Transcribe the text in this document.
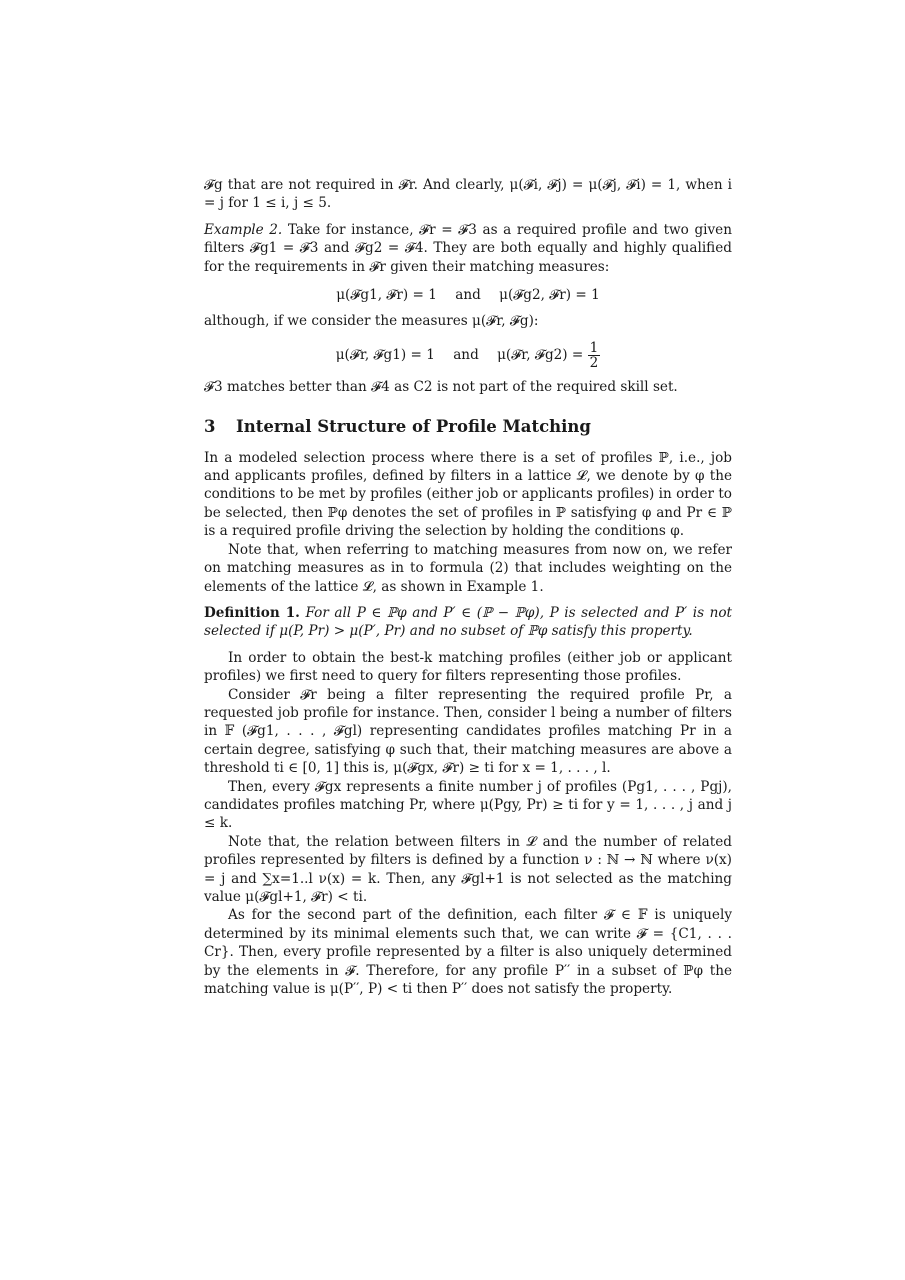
𝓕g that are not required in 𝓕r. And clearly, μ(𝓕i, 𝓕j) = μ(𝓕j, 𝓕i) = 1, when i = j for 1 ≤ i, j ≤ 5.

Example 2. Take for instance, 𝓕r = 𝓕3 as a required profile and two given filters 𝓕g1 = 𝓕3 and 𝓕g2 = 𝓕4. They are both equally and highly qualified for the requirements in 𝓕r given their matching measures:

μ(𝓕g1, 𝓕r) = 1 and μ(𝓕g2, 𝓕r) = 1

although, if we consider the measures μ(𝓕r, 𝓕g):

μ(𝓕r, 𝓕g1) = 1 and μ(𝓕r, 𝓕g2) = $\frac{1}{2}$

𝓕3 matches better than 𝓕4 as C2 is not part of the required skill set.

3 Internal Structure of Profile Matching

In a modeled selection process where there is a set of profiles ℙ, i.e., job and applicants profiles, defined by filters in a lattice 𝓛, we denote by φ the conditions to be met by profiles (either job or applicants profiles) in order to be selected, then ℙφ denotes the set of profiles in ℙ satisfying φ and Pr ∈ ℙ is a required profile driving the selection by holding the conditions φ.

Note that, when referring to matching measures from now on, we refer on matching measures as in to formula (2) that includes weighting on the elements of the lattice 𝓛, as shown in Example 1.

Definition 1. For all P ∈ ℙφ and P′ ∈ (ℙ − ℙφ), P is selected and P′ is not selected if μ(P, Pr) > μ(P′, Pr) and no subset of ℙφ satisfy this property.

In order to obtain the best-k matching profiles (either job or applicant profiles) we first need to query for filters representing those profiles.

Consider 𝓕r being a filter representing the required profile Pr, a requested job profile for instance. Then, consider l being a number of filters in 𝔽 (𝓕g1, . . . , 𝓕gl) representing candidates profiles matching Pr in a certain degree, satisfying φ such that, their matching measures are above a threshold ti ∈ [0, 1] this is, μ(𝓕gx, 𝓕r) ≥ ti for x = 1, . . . , l.

Then, every 𝓕gx represents a finite number j of profiles (Pg1, . . . , Pgj), candidates profiles matching Pr, where μ(Pgy, Pr) ≥ ti for y = 1, . . . , j and j ≤ k.

Note that, the relation between filters in 𝓛 and the number of related profiles represented by filters is defined by a function ν : ℕ → ℕ where ν(x) = j and ∑x=1..l ν(x) = k. Then, any 𝓕gl+1 is not selected as the matching value μ(𝓕gl+1, 𝓕r) < ti.

As for the second part of the definition, each filter 𝓕 ∈ 𝔽 is uniquely determined by its minimal elements such that, we can write 𝓕 = {C1, . . . Cr}. Then, every profile represented by a filter is also uniquely determined by the elements in 𝓕. Therefore, for any profile P′′ in a subset of ℙφ the matching value is μ(P′′, P) < ti then P′′ does not satisfy the property.
